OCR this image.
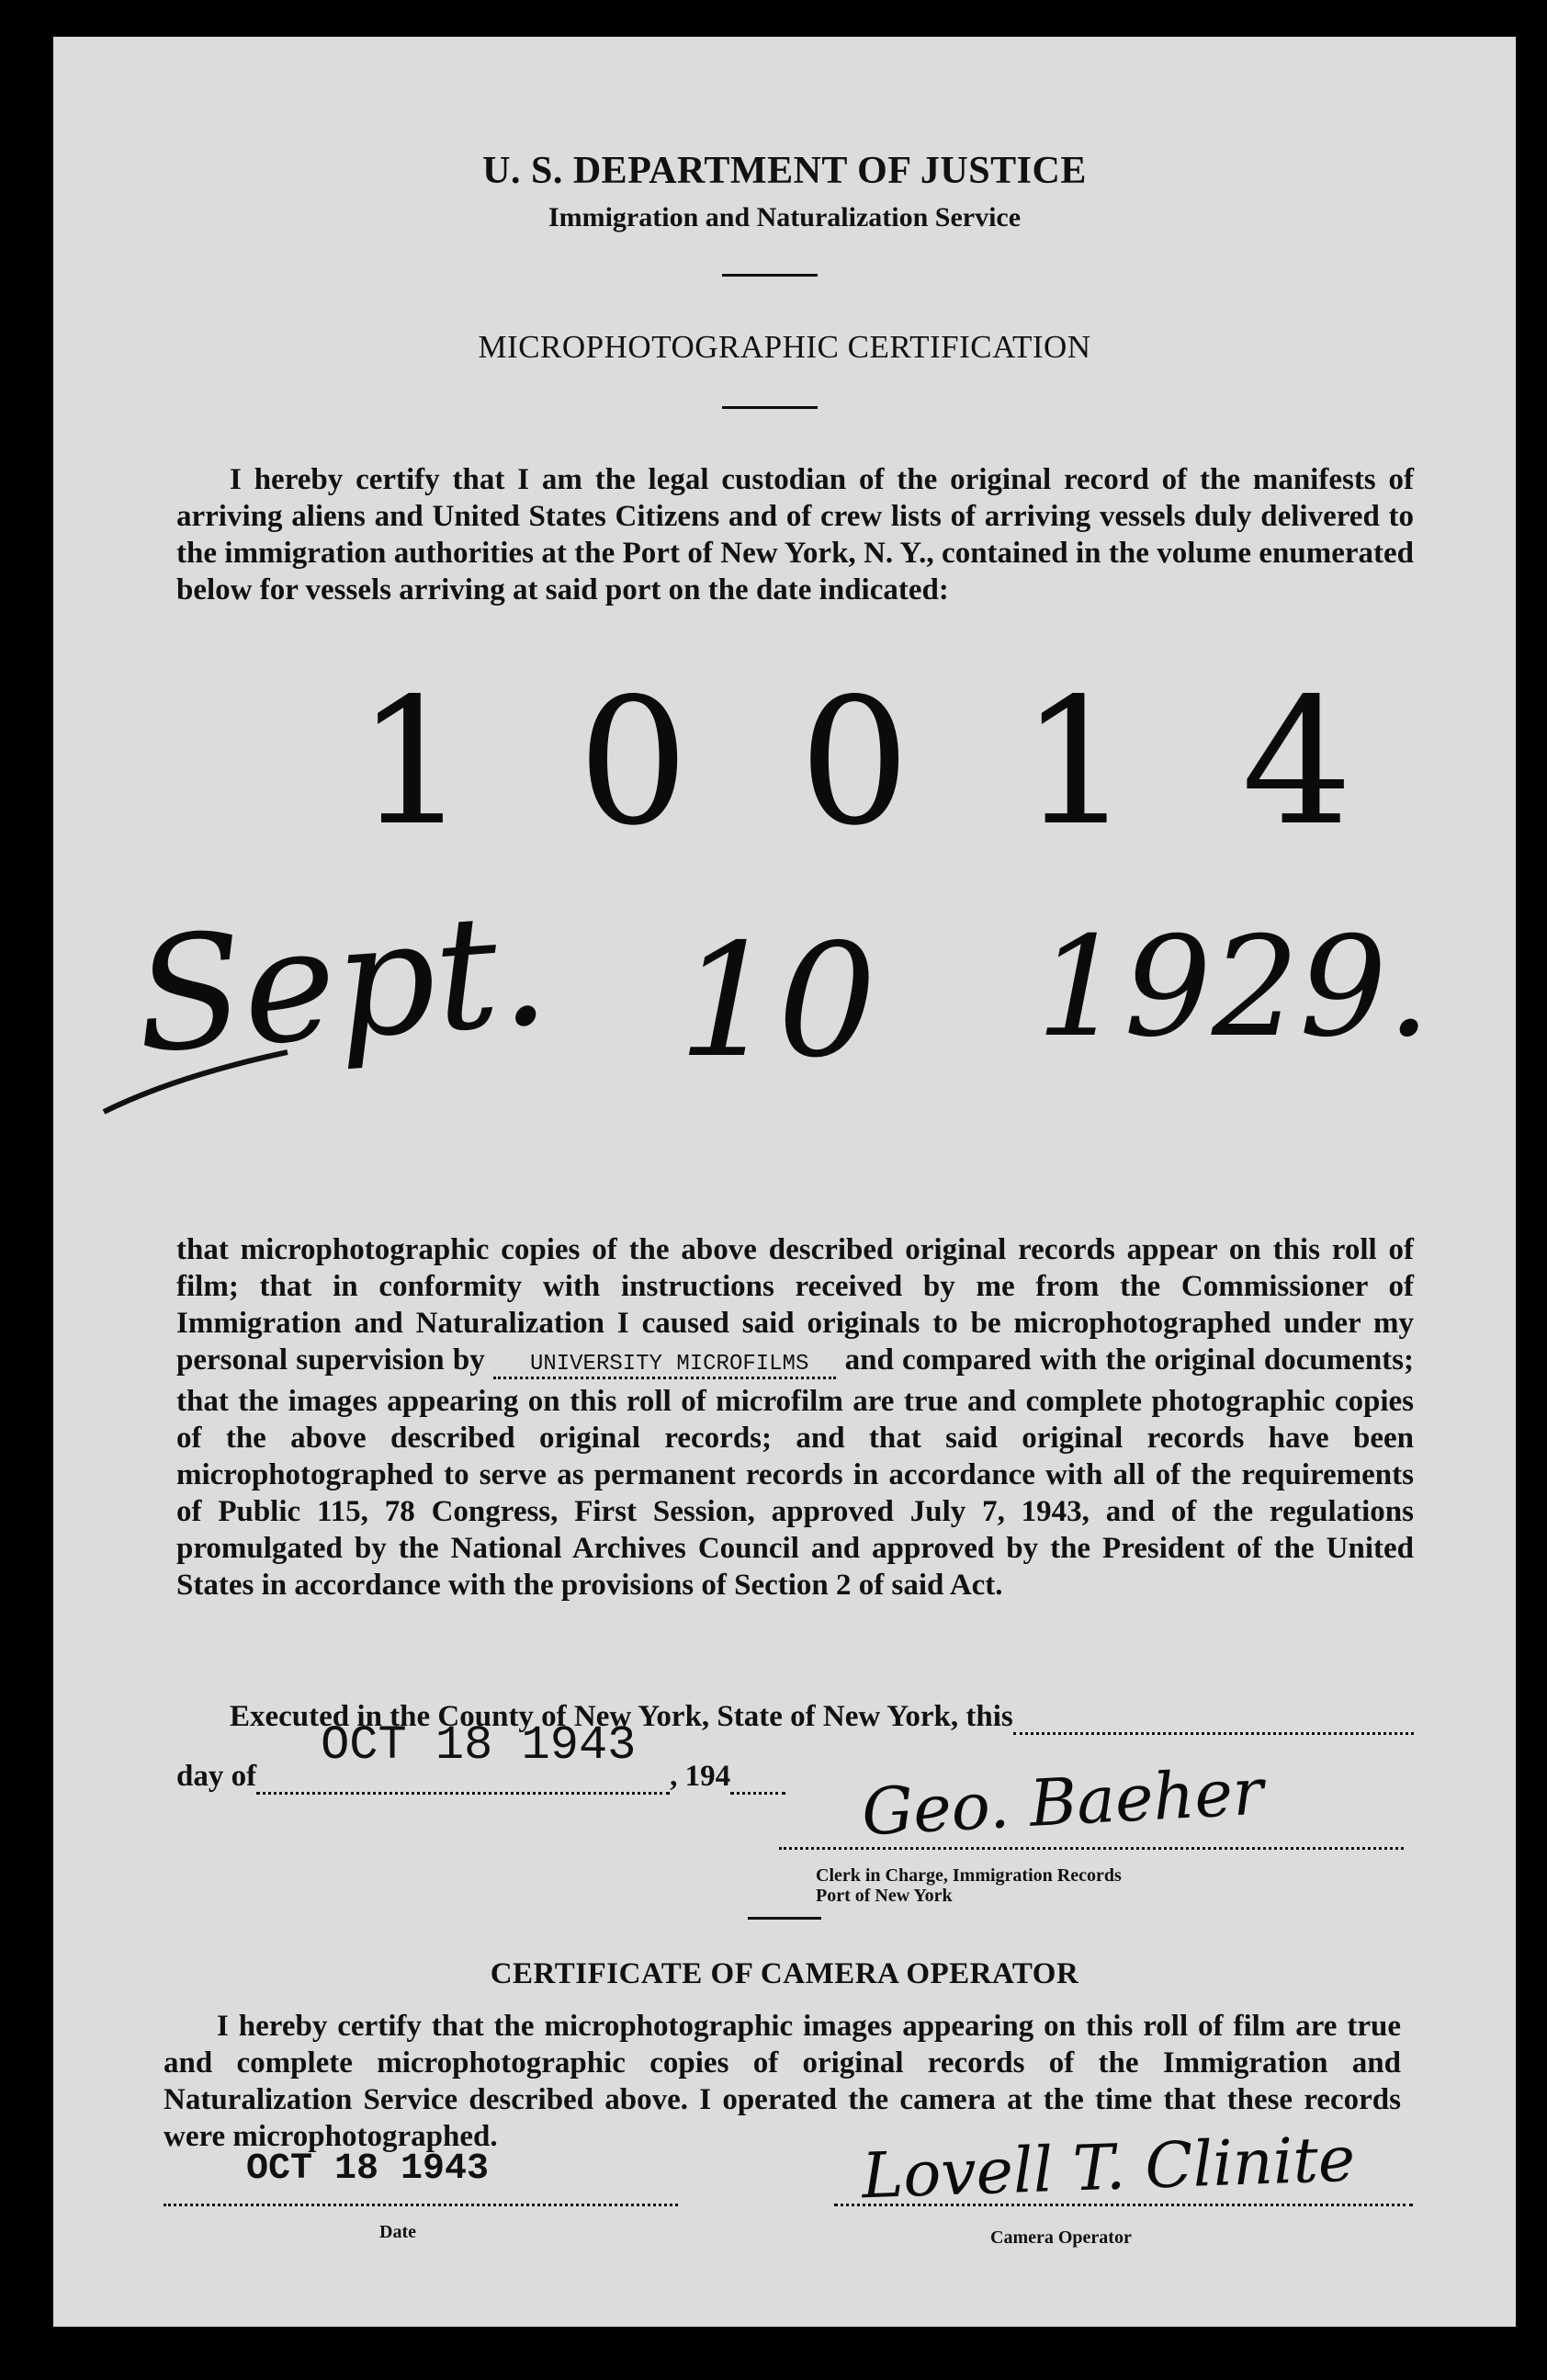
U. S. DEPARTMENT OF JUSTICE
Immigration and Naturalization Service
MICROPHOTOGRAPHIC CERTIFICATION

I hereby certify that I am the legal custodian of the original record of the manifests of arriving aliens and United States Citizens and of crew lists of arriving vessels duly delivered to the immigration authorities at the Port of New York, N. Y., contained in the volume enumerated below for vessels arriving at said port on the date indicated:

10014
Sept. 10 1929.
that microphotographic copies of the above described original records appear on this roll of film; that in conformity with instructions received by me from the Commissioner of Immigration and Naturalization I caused said originals to be microphotographed under my personal supervision by UNIVERSITY MICROFILMS and compared with the original documents; that the images appearing on this roll of microfilm are true and complete photographic copies of the above described original records; and that said original records have been microphotographed to serve as permanent records in accordance with all of the requirements of Public 115, 78 Congress, First Session, approved July 7, 1943, and of the regulations promulgated by the National Archives Council and approved by the President of the United States in accordance with the provisions of Section 2 of said Act.
Executed in the County of New York, State of New York, this
day of
OCT 18 1943
, 194 Geo. Baeher
Clerk in Charge, Immigration Records
Port of New York
CERTIFICATE OF CAMERA OPERATOR

I hereby certify that the microphotographic images appearing on this roll of film are true and complete microphotographic copies of original records of the Immigration and Naturalization Service described above. I operated the camera at the time that these records were microphotographed.

OCT 18 1943
Date
Lovell T. Clinite
Camera Operator
